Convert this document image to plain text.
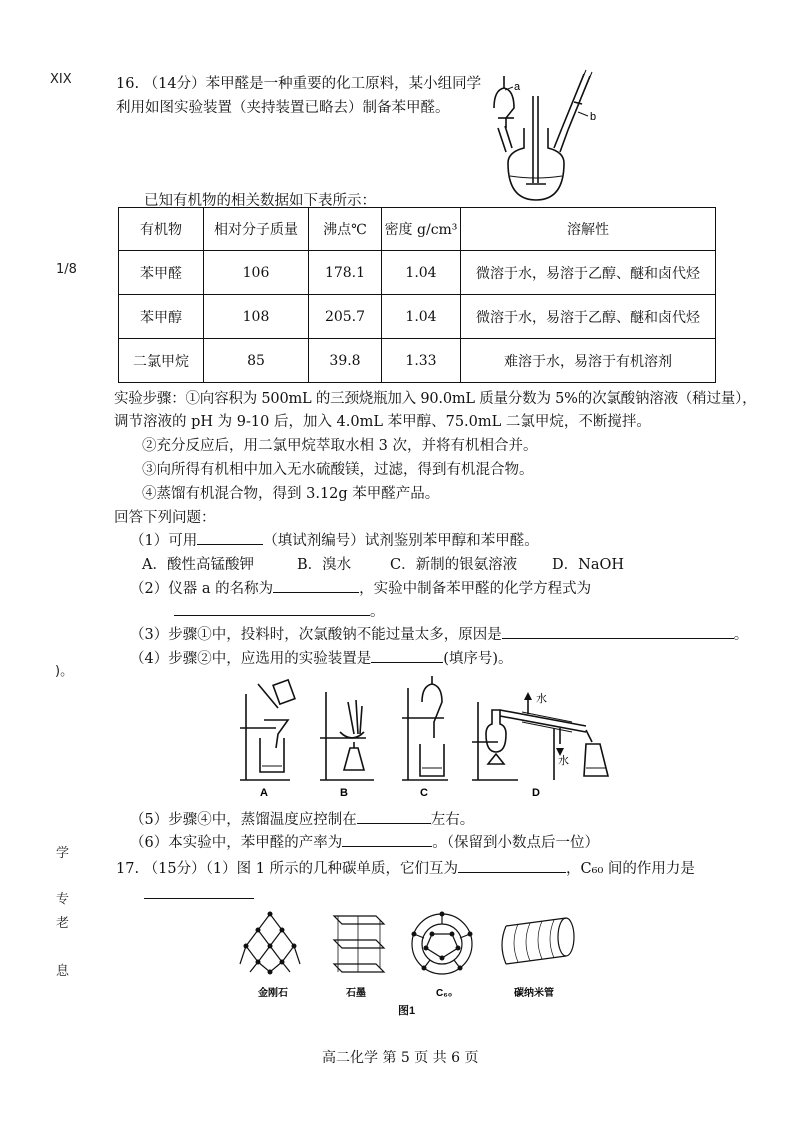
XIX
1/8
)。
学
专
老
息
16. （14分）苯甲醛是一种重要的化工原料，某小组同学
利用如图实验装置（夹持装置已略去）制备苯甲醛。
a
b
已知有机物的相关数据如下表所示：
有机物	相对分子质量	沸点℃	密度 g/cm³	溶解性
苯甲醛	106	178.1	1.04	微溶于水，易溶于乙醇、醚和卤代烃
苯甲醇	108	205.7	1.04	微溶于水，易溶于乙醇、醚和卤代烃
二氯甲烷	85	39.8	1.33	难溶于水，易溶于有机溶剂
实验步骤：①向容积为 500mL 的三颈烧瓶加入 90.0mL 质量分数为 5%的次氯酸钠溶液（稍过量），
调节溶液的 pH 为 9-10 后，加入 4.0mL 苯甲醇、75.0mL 二氯甲烷，不断搅拌。
②充分反应后，用二氯甲烷萃取水相 3 次，并将有机相合并。
③向所得有机相中加入无水硫酸镁，过滤，得到有机混合物。
④蒸馏有机混合物，得到 3.12g 苯甲醛产品。
回答下列问题：
（1）可用	（填试剂编号）试剂鉴别苯甲醇和苯甲醛。
A．酸性高锰酸钾	B．溴水	C．新制的银氨溶液 D．NaOH
（2）仪器 a 的名称为	，实验中制备苯甲醛的化学方程式为
。
（3）步骤①中，投料时，次氯酸钠不能过量太多，原因是	。
（4）步骤②中，应选用的实验装置是	(填序号)。
水
水
A	B	C	D
（5）步骤④中，蒸馏温度应控制在	左右。
（6）本实验中，苯甲醛的产率为	。（保留到小数点后一位）
17. （15分）（1）图 1 所示的几种碳单质，它们互为	，C₆₀ 间的作用力是
金刚石	石墨	C₆₀	碳纳米管
图1
高二化学 第 5 页 共 6 页
